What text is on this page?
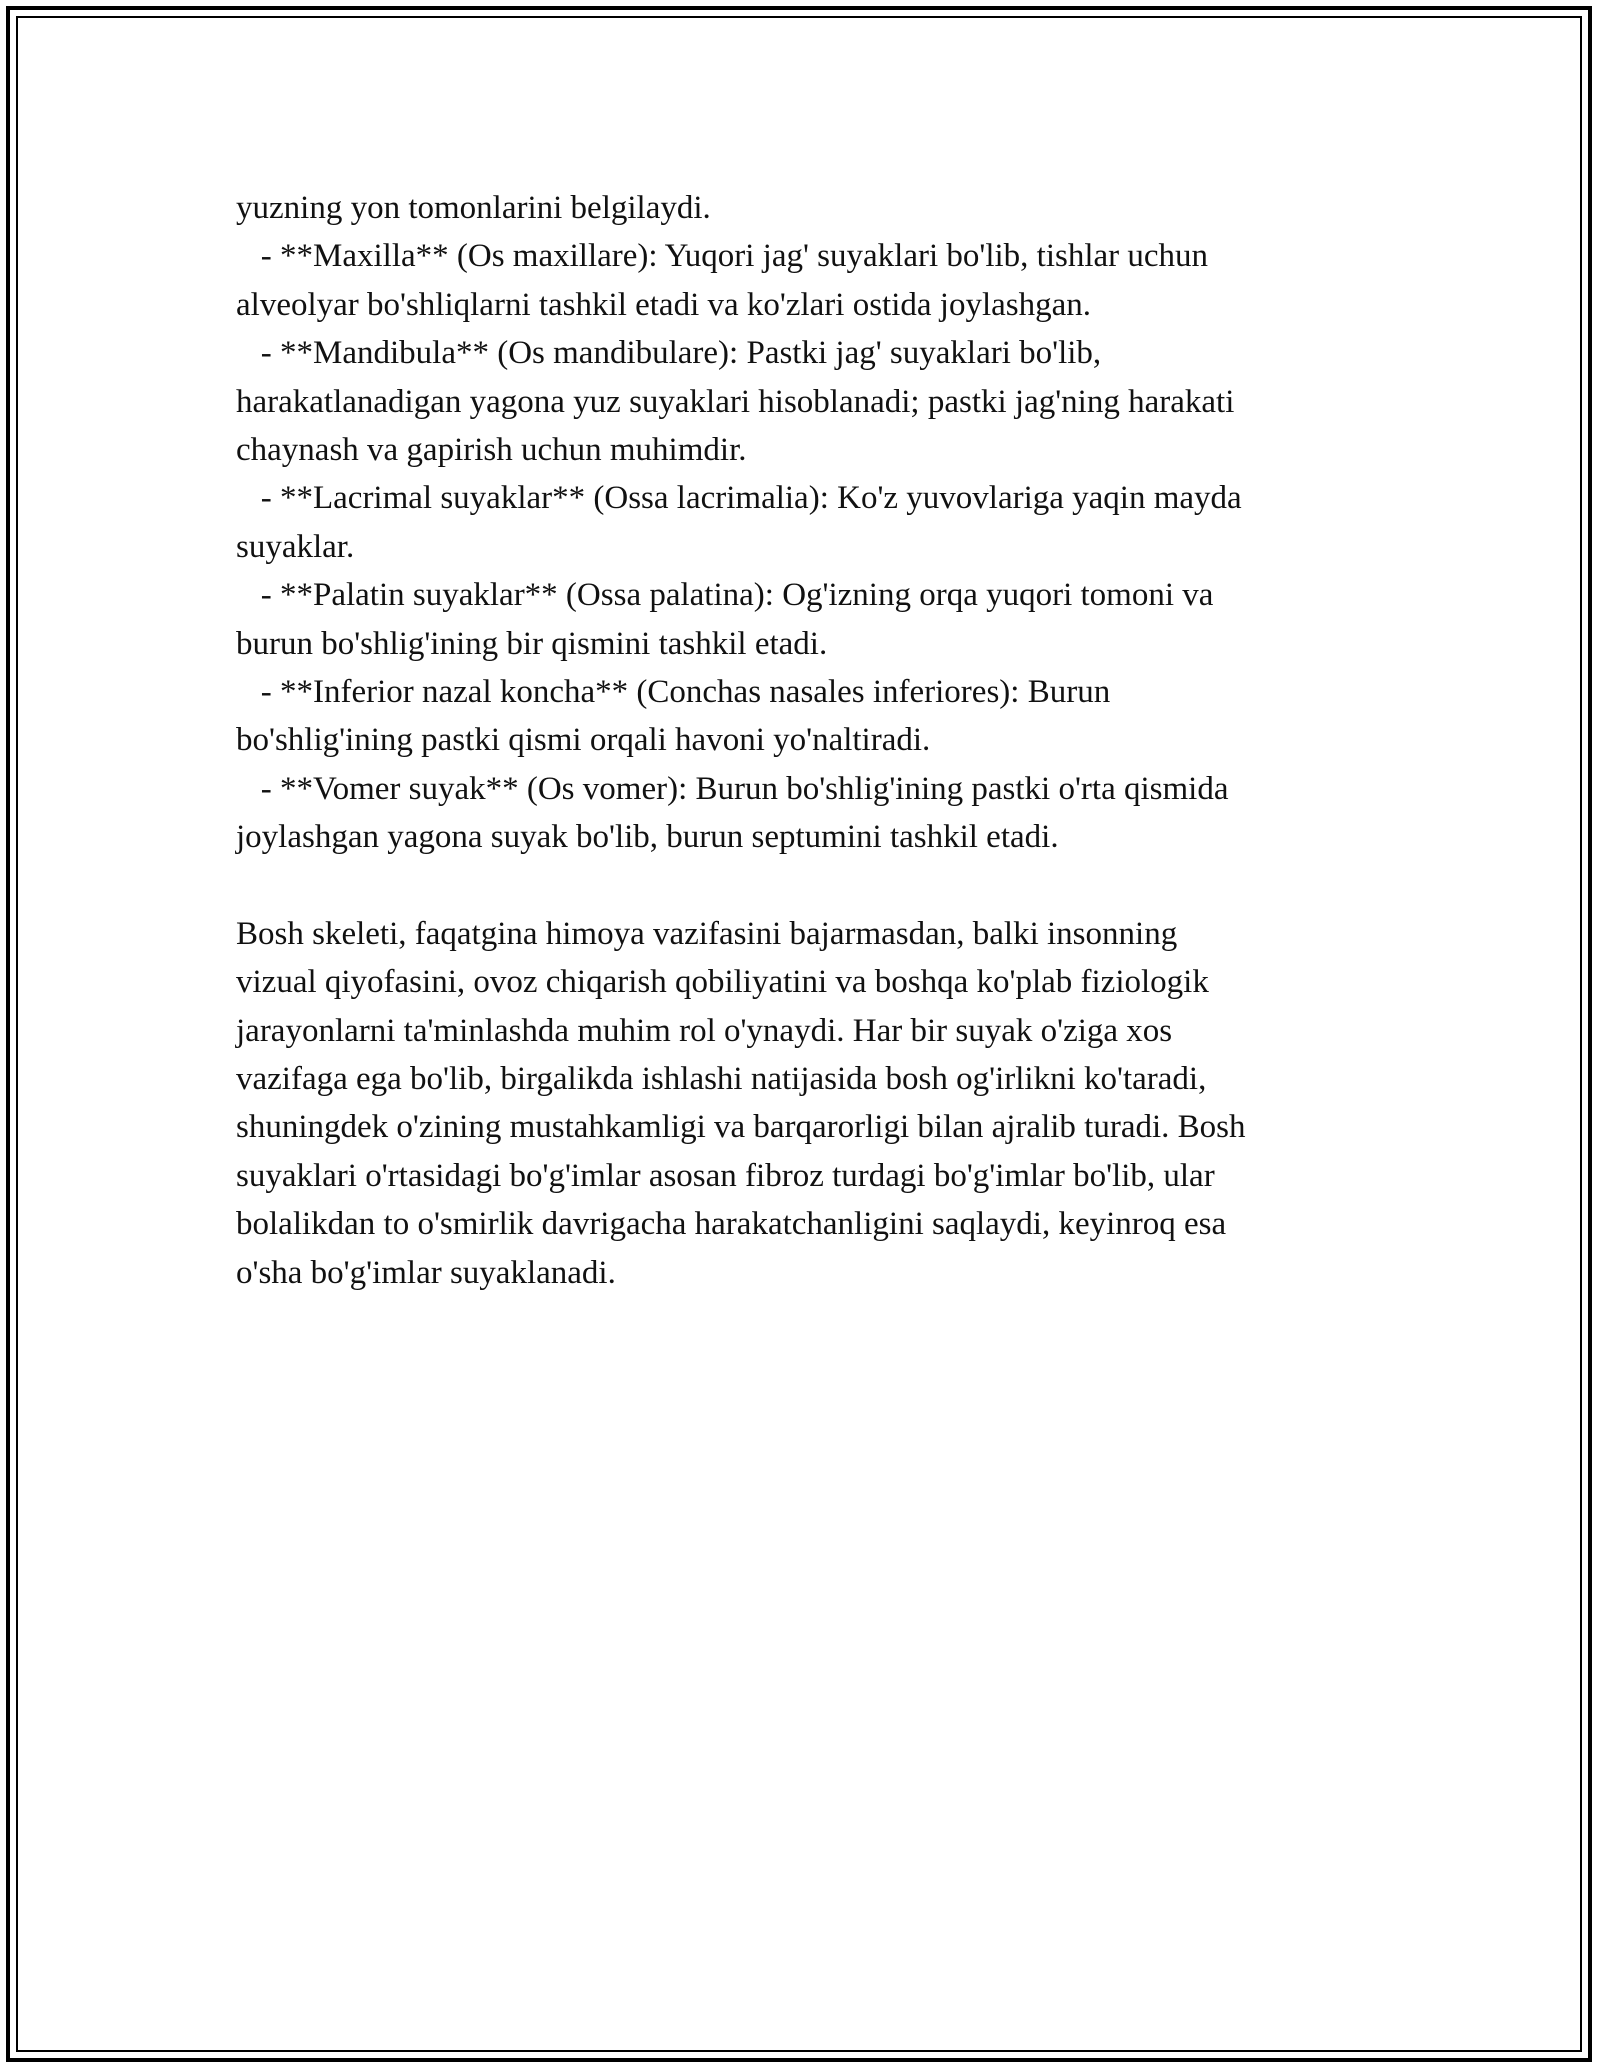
yuzning yon tomonlarini belgilaydi.
- **Maxilla** (Os maxillare): Yuqori jag' suyaklari bo'lib, tishlar uchun
alveolyar bo'shliqlarni tashkil etadi va ko'zlari ostida joylashgan.
- **Mandibula** (Os mandibulare): Pastki jag' suyaklari bo'lib,
harakatlanadigan yagona yuz suyaklari hisoblanadi; pastki jag'ning harakati
chaynash va gapirish uchun muhimdir.
- **Lacrimal suyaklar** (Ossa lacrimalia): Ko'z yuvovlariga yaqin mayda
suyaklar.
- **Palatin suyaklar** (Ossa palatina): Og'izning orqa yuqori tomoni va
burun bo'shlig'ining bir qismini tashkil etadi.
- **Inferior nazal koncha** (Conchas nasales inferiores): Burun
bo'shlig'ining pastki qismi orqali havoni yo'naltiradi.
- **Vomer suyak** (Os vomer): Burun bo'shlig'ining pastki o'rta qismida
joylashgan yagona suyak bo'lib, burun septumini tashkil etadi.
Bosh skeleti, faqatgina himoya vazifasini bajarmasdan, balki insonning
vizual qiyofasini, ovoz chiqarish qobiliyatini va boshqa ko'plab fiziologik
jarayonlarni ta'minlashda muhim rol o'ynaydi. Har bir suyak o'ziga xos
vazifaga ega bo'lib, birgalikda ishlashi natijasida bosh og'irlikni ko'taradi,
shuningdek o'zining mustahkamligi va barqarorligi bilan ajralib turadi. Bosh
suyaklari o'rtasidagi bo'g'imlar asosan fibroz turdagi bo'g'imlar bo'lib, ular
bolalikdan to o'smirlik davrigacha harakatchanligini saqlaydi, keyinroq esa
o'sha bo'g'imlar suyaklanadi.
